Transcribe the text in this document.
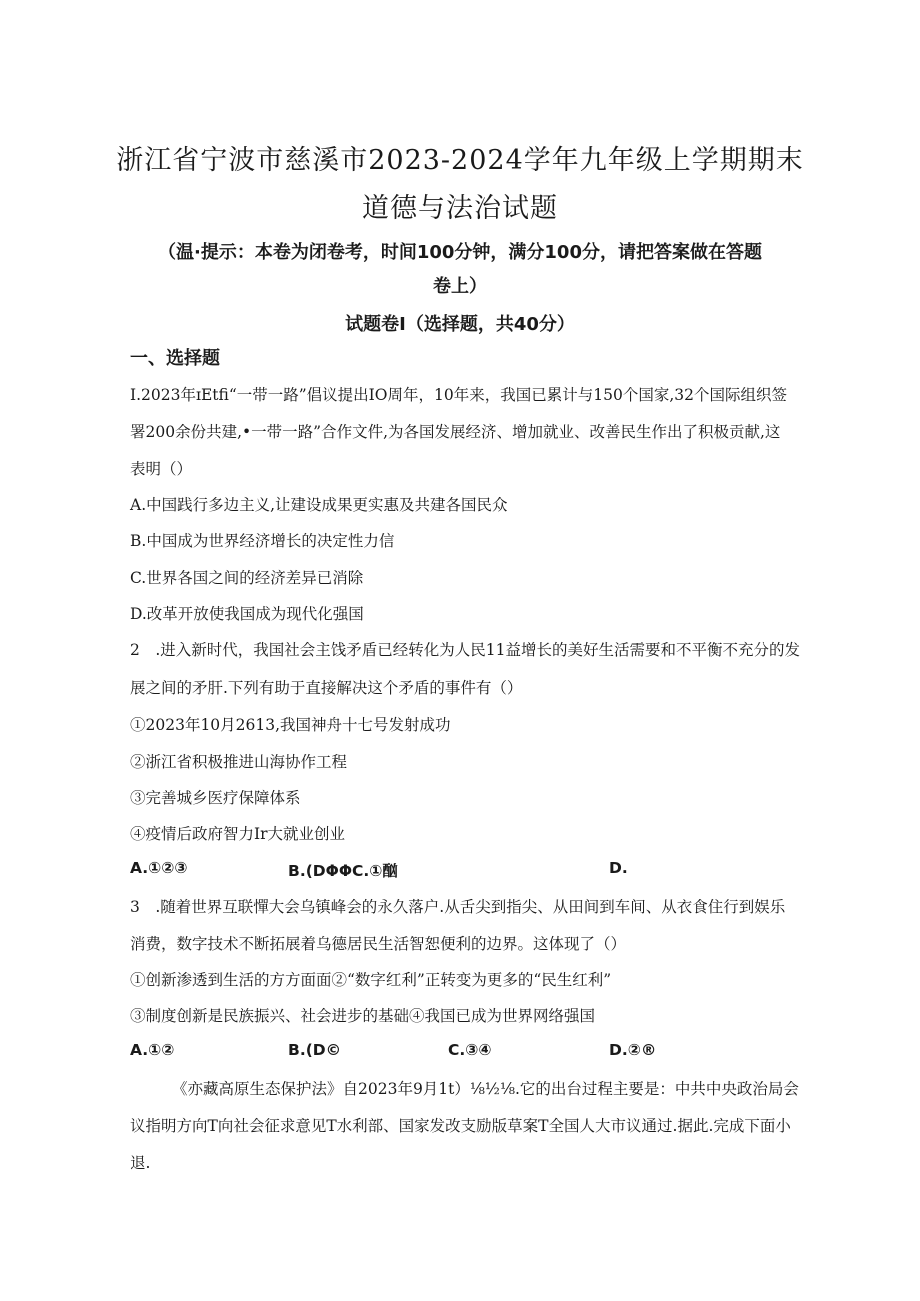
浙江省宁波市慈溪市2023-2024学年九年级上学期期末
道德与法治试题
（温·提示：本卷为闭卷考，时间100分钟，满分100分，请把答案做在答题
卷上）
试题卷I（选择题，共40分）
一、选择题
I.2023年ɪEtfi“一带一路”倡议提出IO周年，10年来，我国已累计与150个国家,32个国际组织签
署200余份共建,•一带一路”合作文件,为各国发展经济、增加就业、改善民生作出了积极贡献,这
表明（）
A.中国践行多边主义,让建设成果更实惠及共建各国民众
B.中国成为世界经济增长的决定性力信
C.世界各国之间的经济差异已消除
D.改革开放使我国成为现代化强国
2　.进入新时代，我国社会主饯矛盾已经转化为人民11益增长的美好生活需要和不平衡不充分的发
展之间的矛肝.下列有助于直接解决这个矛盾的事件有（）
①2023年10月2613,我国神舟十七号发射成功
②浙江省积极推进山海协作工程
③完善城乡医疗保障体系
④疫情后政府智力Ir大就业创业
A.①②③	B.(DΦΦC.①酗	D.
3　.随着世界互联憚大会乌镇峰会的永久落户.从舌尖到指尖、从田间到车间、从衣食住行到娱乐
消费，数字技术不断拓展着乌德居民生活智恕便利的边界。这体现了（）
①创新渗透到生活的方方面面②“数字红利”正转变为更多的“民生红利”
③制度创新是民族振兴、社会进步的基础④我国已成为世界网络强国
A.①②	B.(D©	C.③④	D.②®
《亦藏高原生态保护法》自2023年9月1t）⅛½⅛.它的出台过程主要是：中共中央政治局会
议指明方向T向社会征求意见T水利部、国家发改支励版草案T全国人大市议通过.据此.完成下面小
退.
